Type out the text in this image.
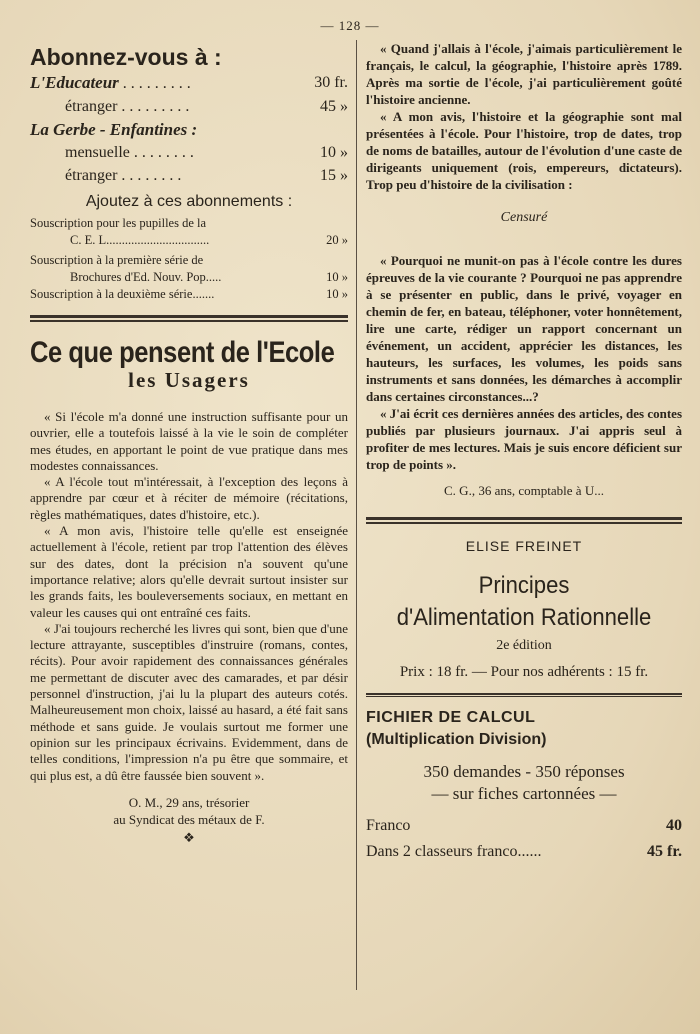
— 128 —
Abonnez-vous à :
L'Educateur . . . . . . . . .	30 fr.
étranger . . . . . . . . .	45 »
La Gerbe - Enfantines :
mensuelle . . . . . . . .	10 »
étranger . . . . . . . .	15 »
Ajoutez à ces abonnements :
Souscription pour les pupilles de la
C. E. L.................................	20 »
Souscription à la première série de
Brochures d'Ed. Nouv. Pop.....	10 »
Souscription à la deuxième série.......	10 »
Ce que pensent de l'Ecole
les Usagers

« Si l'école m'a donné une instruction suffisante pour un ouvrier, elle a toutefois laissé à la vie le soin de compléter mes études, en apportant le point de vue pratique dans mes modestes connaissances.

« A l'école tout m'intéressait, à l'exception des leçons à apprendre par cœur et à réciter de mémoire (récitations, règles mathématiques, dates d'histoire, etc.).

« A mon avis, l'histoire telle qu'elle est enseignée actuellement à l'école, retient par trop l'attention des élèves sur des dates, dont la précision n'a souvent qu'une importance relative; alors qu'elle devrait surtout insister sur les grands faits, les bouleversements sociaux, en mettant en valeur les causes qui ont entraîné ces faits.

« J'ai toujours recherché les livres qui sont, bien que d'une lecture attrayante, susceptibles d'instruire (romans, contes, récits). Pour avoir rapidement des connaissances générales me permettant de discuter avec des camarades, et par désir personnel d'instruction, j'ai lu la plupart des auteurs cotés. Malheureusement mon choix, laissé au hasard, a été fait sans méthode et sans guide. Je voulais surtout me former une opinion sur les principaux écrivains. Evidemment, dans de telles conditions, l'impression n'a pu être que sommaire, et qui plus est, a dû être faussée bien souvent ».

O. M., 29 ans, trésorier
au Syndicat des métaux de F.
❖

« Quand j'allais à l'école, j'aimais particulièrement le français, le calcul, la géographie, l'histoire après 1789. Après ma sortie de l'école, j'ai particulièrement goûté l'histoire ancienne.

« A mon avis, l'histoire et la géographie sont mal présentées à l'école. Pour l'histoire, trop de dates, trop de noms de batailles, autour de l'évolution d'une caste de dirigeants uniquement (rois, empereurs, dictateurs). Trop peu d'histoire de la civilisation :

Censuré

« Pourquoi ne munit-on pas à l'école contre les dures épreuves de la vie courante ? Pourquoi ne pas apprendre à se présenter en public, dans le privé, voyager en chemin de fer, en bateau, téléphoner, voter honnêtement, lire une carte, rédiger un rapport concernant un événement, un accident, apprécier les distances, les hauteurs, les surfaces, les volumes, les poids sans instruments et sans données, les démarches à accomplir dans certaines circonstances...?

« J'ai écrit ces dernières années des articles, des contes publiés par plusieurs journaux. J'ai appris seul à profiter de mes lectures. Mais je suis encore déficient sur trop de points ».

C. G., 36 ans, comptable à U...
ELISE FREINET
Principes
d'Alimentation Rationnelle
2e édition
Prix : 18 fr. — Pour nos adhérents : 15 fr.
FICHIER DE CALCUL
(Multiplication Division)
350 demandes - 350 réponses
— sur fiches cartonnées —
Franco	40
Dans 2 classeurs franco......	45 fr.
